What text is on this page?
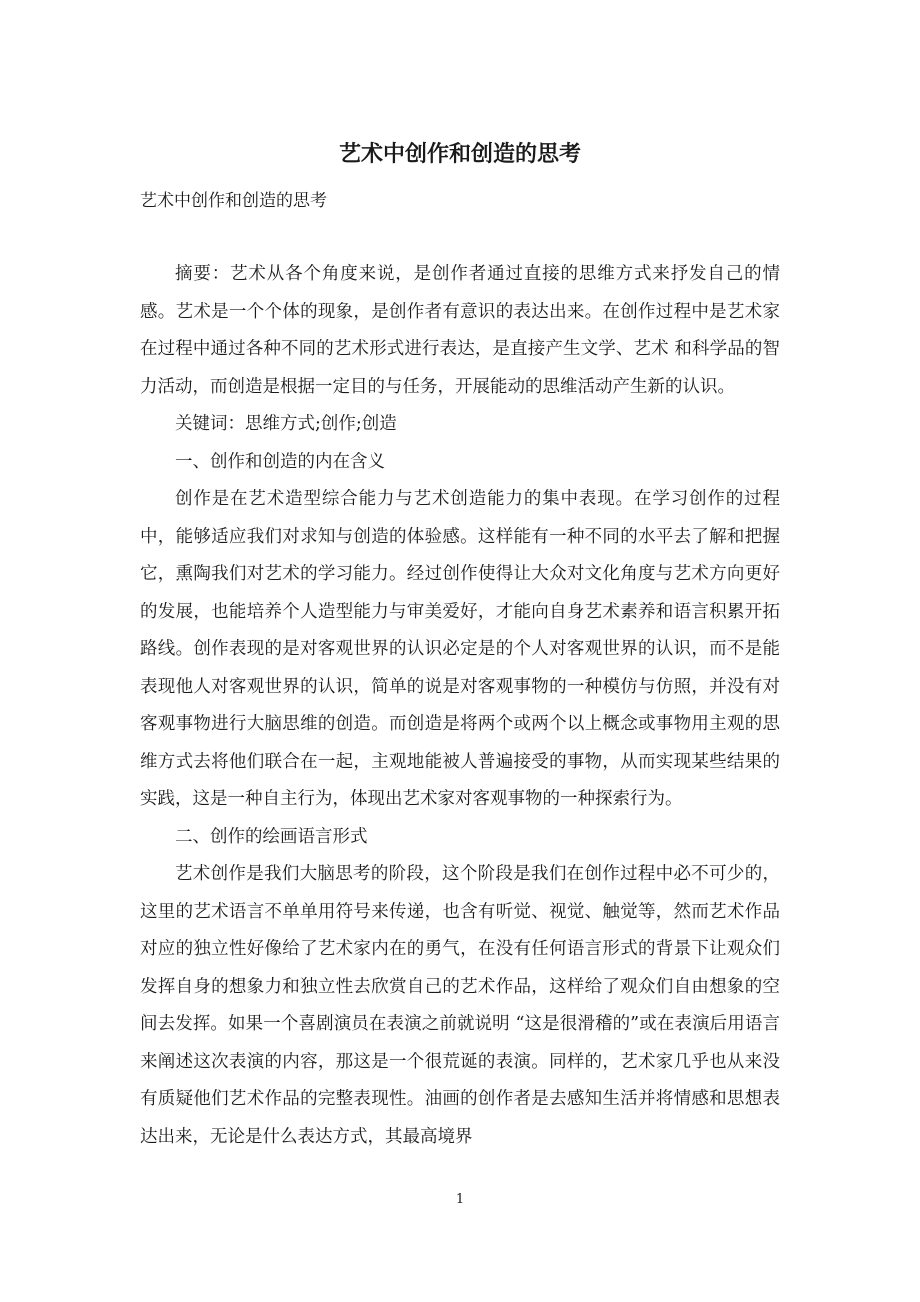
艺术中创作和创造的思考

艺术中创作和创造的思考

摘要：艺术从各个角度来说，是创作者通过直接的思维方式来抒发自己的情感。艺术是一个个体的现象，是创作者有意识的表达出来。在创作过程中是艺术家在过程中通过各种不同的艺术形式进行表达，是直接产生文学、艺术 和科学品的智力活动，而创造是根据一定目的与任务，开展能动的思维活动产生新的认识。

关键词：思维方式;创作;创造

一、创作和创造的内在含义

创作是在艺术造型综合能力与艺术创造能力的集中表现。在学习创作的过程中，能够适应我们对求知与创造的体验感。这样能有一种不同的水平去了解和把握它，熏陶我们对艺术的学习能力。经过创作使得让大众对文化角度与艺术方向更好的发展，也能培养个人造型能力与审美爱好，才能向自身艺术素养和语言积累开拓路线。创作表现的是对客观世界的认识必定是的个人对客观世界的认识，而不是能表现他人对客观世界的认识，简单的说是对客观事物的一种模仿与仿照，并没有对客观事物进行大脑思维的创造。而创造是将两个或两个以上概念或事物用主观的思维方式去将他们联合在一起，主观地能被人普遍接受的事物，从而实现某些结果的实践，这是一种自主行为，体现出艺术家对客观事物的一种探索行为。

二、创作的绘画语言形式

艺术创作是我们大脑思考的阶段，这个阶段是我们在创作过程中必不可少的，这里的艺术语言不单单用符号来传递，也含有听觉、视觉、触觉等，然而艺术作品对应的独立性好像给了艺术家内在的勇气，在没有任何语言形式的背景下让观众们发挥自身的想象力和独立性去欣赏自己的艺术作品，这样给了观众们自由想象的空间去发挥。如果一个喜剧演员在表演之前就说明 “这是很滑稽的”或在表演后用语言来阐述这次表演的内容，那这是一个很荒诞的表演。同样的，艺术家几乎也从来没有质疑他们艺术作品的完整表现性。油画的创作者是去感知生活并将情感和思想表达出来，无论是什么表达方式，其最高境界

1
